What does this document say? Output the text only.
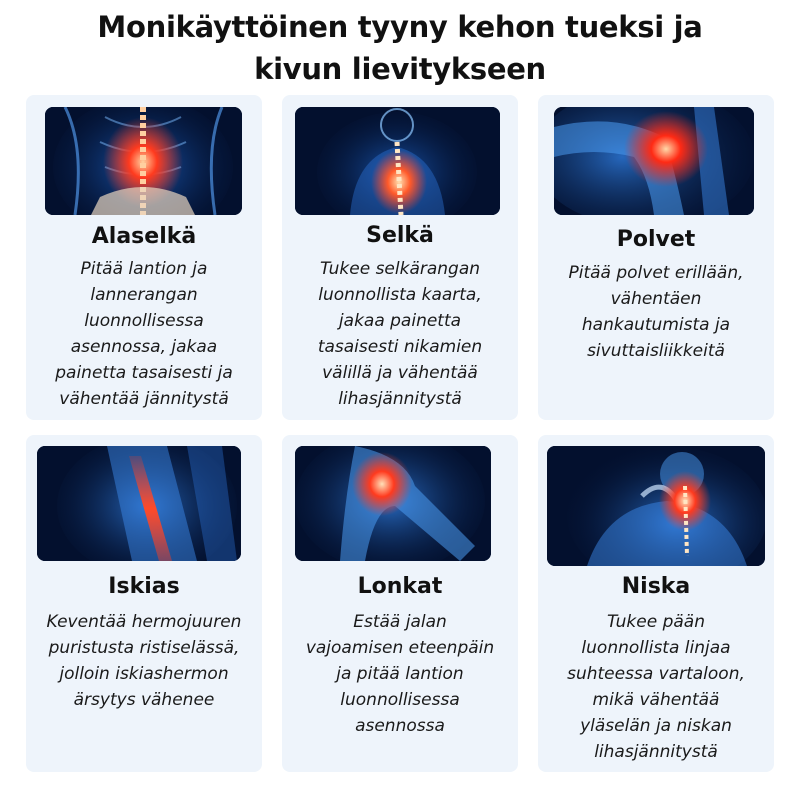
Monikäyttöinen tyyny kehon tueksi ja
kivun lievitykseen
Alaselkä
Pitää lantion ja
lannerangan
luonnollisessa
asennossa, jakaa
painetta tasaisesti ja
vähentää jännitystä
Selkä
Tukee selkärangan
luonnollista kaarta,
jakaa painetta
tasaisesti nikamien
välillä ja vähentää
lihasjännitystä
Polvet
Pitää polvet erillään,
vähentäen
hankautumista ja
sivuttaisliikkeitä
Iskias
Keventää hermojuuren
puristusta ristiselässä,
jolloin iskiashermon
ärsytys vähenee
Lonkat
Estää jalan
vajoamisen eteenpäin
ja pitää lantion
luonnollisessa
asennossa
Niska
Tukee pään
luonnollista linjaa
suhteessa vartaloon,
mikä vähentää
yläselän ja niskan
lihasjännitystä
